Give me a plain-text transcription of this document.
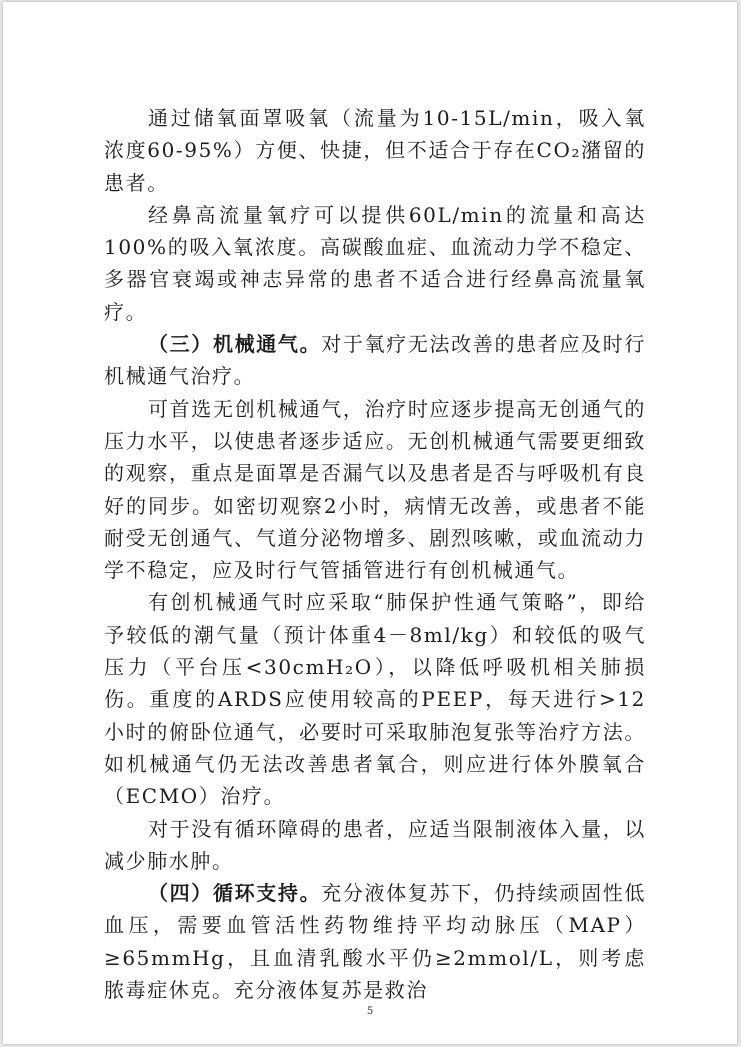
通过储氧面罩吸氧（流量为10-15L/min，吸入氧浓度60-95%）方便、快捷，但不适合于存在CO₂潴留的患者。

经鼻高流量氧疗可以提供60L/min的流量和高达100%的吸入氧浓度。高碳酸血症、血流动力学不稳定、多器官衰竭或神志异常的患者不适合进行经鼻高流量氧疗。

（三）机械通气。对于氧疗无法改善的患者应及时行机械通气治疗。

可首选无创机械通气，治疗时应逐步提高无创通气的压力水平，以使患者逐步适应。无创机械通气需要更细致的观察，重点是面罩是否漏气以及患者是否与呼吸机有良好的同步。如密切观察2小时，病情无改善，或患者不能耐受无创通气、气道分泌物增多、剧烈咳嗽，或血流动力学不稳定，应及时行气管插管进行有创机械通气。

有创机械通气时应采取“肺保护性通气策略”，即给予较低的潮气量（预计体重4－8ml/kg）和较低的吸气压力（平台压<30cmH₂O），以降低呼吸机相关肺损伤。重度的ARDS应使用较高的PEEP，每天进行>12小时的俯卧位通气，必要时可采取肺泡复张等治疗方法。如机械通气仍无法改善患者氧合，则应进行体外膜氧合（ECMO）治疗。

对于没有循环障碍的患者，应适当限制液体入量，以减少肺水肿。

（四）循环支持。充分液体复苏下，仍持续顽固性低血压，需要血管活性药物维持平均动脉压（MAP）≥65mmHg，且血清乳酸水平仍≥2mmol/L，则考虑脓毒症休克。充分液体复苏是救治

5
